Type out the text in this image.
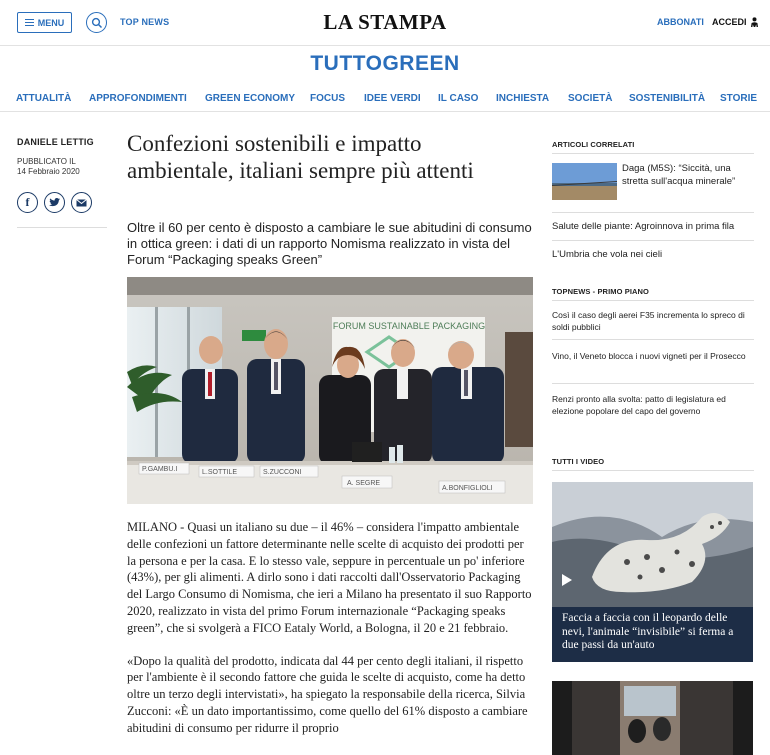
MENU	TOP NEWS	LA STAMPA	ABBONATI ACCEDI
TUTTOGREEN
ATTUALITÀ APPROFONDIMENTI GREEN ECONOMY FOCUS IDEE VERDI IL CASO INCHIESTA SOCIETÀ SOSTENIBILITÀ STORIE
DANIELE LETTIG
PUBBLICATO IL
14 Febbraio 2020
f
Confezioni sostenibili e impatto ambientale, italiani sempre più attenti
Oltre il 60 per cento è disposto a cambiare le sue abitudini di consumo in ottica green: i dati di un rapporto Nomisma realizzato in vista del Forum “Packaging speaks Green”
FORUM SUSTAINABLE PACKAGING
P.GAMBU.I	L.SOTTILE	S.ZUCCONI
A. SEGRE
A.BONFIGLIOLI

MILANO - Quasi un italiano su due – il 46% – considera l'impatto ambientale delle confezioni un fattore determinante nelle scelte di acquisto dei prodotti per la persona e per la casa. E lo stesso vale, seppure in percentuale un po' inferiore (43%), per gli alimenti. A dirlo sono i dati raccolti dall'Osservatorio Packaging del Largo Consumo di Nomisma, che ieri a Milano ha presentato il suo Rapporto 2020, realizzato in vista del primo Forum internazionale “Packaging speaks green”, che si svolgerà a FICO Eataly World, a Bologna, il 20 e 21 febbraio.

«Dopo la qualità del prodotto, indicata dal 44 per cento degli italiani, il rispetto per l'ambiente è il secondo fattore che guida le scelte di acquisto, come ha detto oltre un terzo degli intervistati», ha spiegato la responsabile della ricerca, Silvia Zucconi: «È un dato importantissimo, come quello del 61% disposto a cambiare abitudini di consumo per ridurre il proprio

ARTICOLI CORRELATI
Daga (M5S): “Siccità, una stretta sull'acqua minerale”
Salute delle piante: Agroinnova in prima fila
L'Umbria che vola nei cieli
TOPNEWS - PRIMO PIANO
Così il caso degli aerei F35 incrementa lo spreco di soldi pubblici
Vino, il Veneto blocca i nuovi vigneti per il Prosecco
Renzi pronto alla svolta: patto di legislatura ed elezione popolare del capo del governo
TUTTI I VIDEO
Faccia a faccia con il leopardo delle nevi, l'animale “invisibile” si ferma a due passi da un'auto
